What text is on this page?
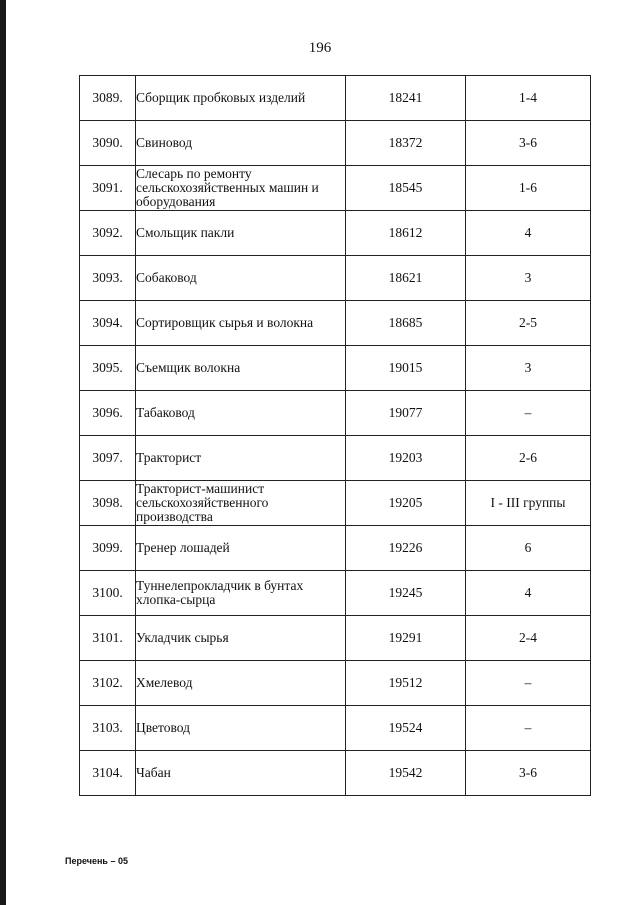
196
3089.	Сборщик пробковых изделий	18241	1-4
3090.	Свиновод	18372	3-6
3091.	Слесарь по ремонту сельскохозяйственных машин и оборудования	18545	1-6
3092.	Смольщик пакли	18612	4
3093.	Собаковод	18621	3
3094.	Сортировщик сырья и волокна	18685	2-5
3095.	Съемщик волокна	19015	3
3096.	Табаковод	19077	–
3097.	Тракторист	19203	2-6
3098.	Тракторист-машинист сельскохозяйственного производства	19205	I - III группы
3099.	Тренер лошадей	19226	6
3100.	Туннелепрокладчик в бунтах хлопка-сырца	19245	4
3101.	Укладчик сырья	19291	2-4
3102.	Хмелевод	19512	–
3103.	Цветовод	19524	–
3104.	Чабан	19542	3-6
Перечень – 05
